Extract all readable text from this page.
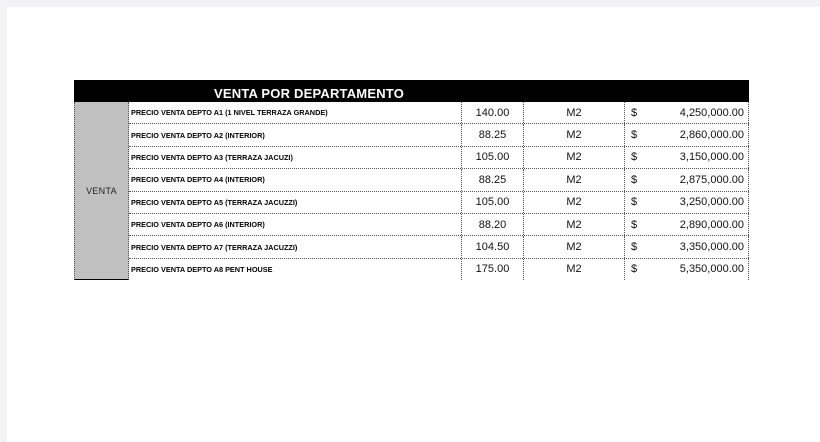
VENTA POR DEPARTAMENTO
VENTA
PRECIO VENTA DEPTO A1 (1 NIVEL TERRAZA GRANDE)	140.00	M2	$	4,250,000.00
PRECIO VENTA DEPTO A2 (INTERIOR)	88.25	M2	$	2,860,000.00
PRECIO VENTA DEPTO A3 (TERRAZA JACUZI)	105.00	M2	$	3,150,000.00
PRECIO VENTA DEPTO A4 (INTERIOR)	88.25	M2	$	2,875,000.00
PRECIO VENTA DEPTO A5 (TERRAZA JACUZZI)	105.00	M2	$	3,250,000.00
PRECIO VENTA DEPTO A6 (INTERIOR)	88.20	M2	$	2,890,000.00
PRECIO VENTA DEPTO A7 (TERRAZA JACUZZI)	104.50	M2	$	3,350,000.00
PRECIO VENTA DEPTO A8 PENT HOUSE	175.00	M2	$	5,350,000.00
